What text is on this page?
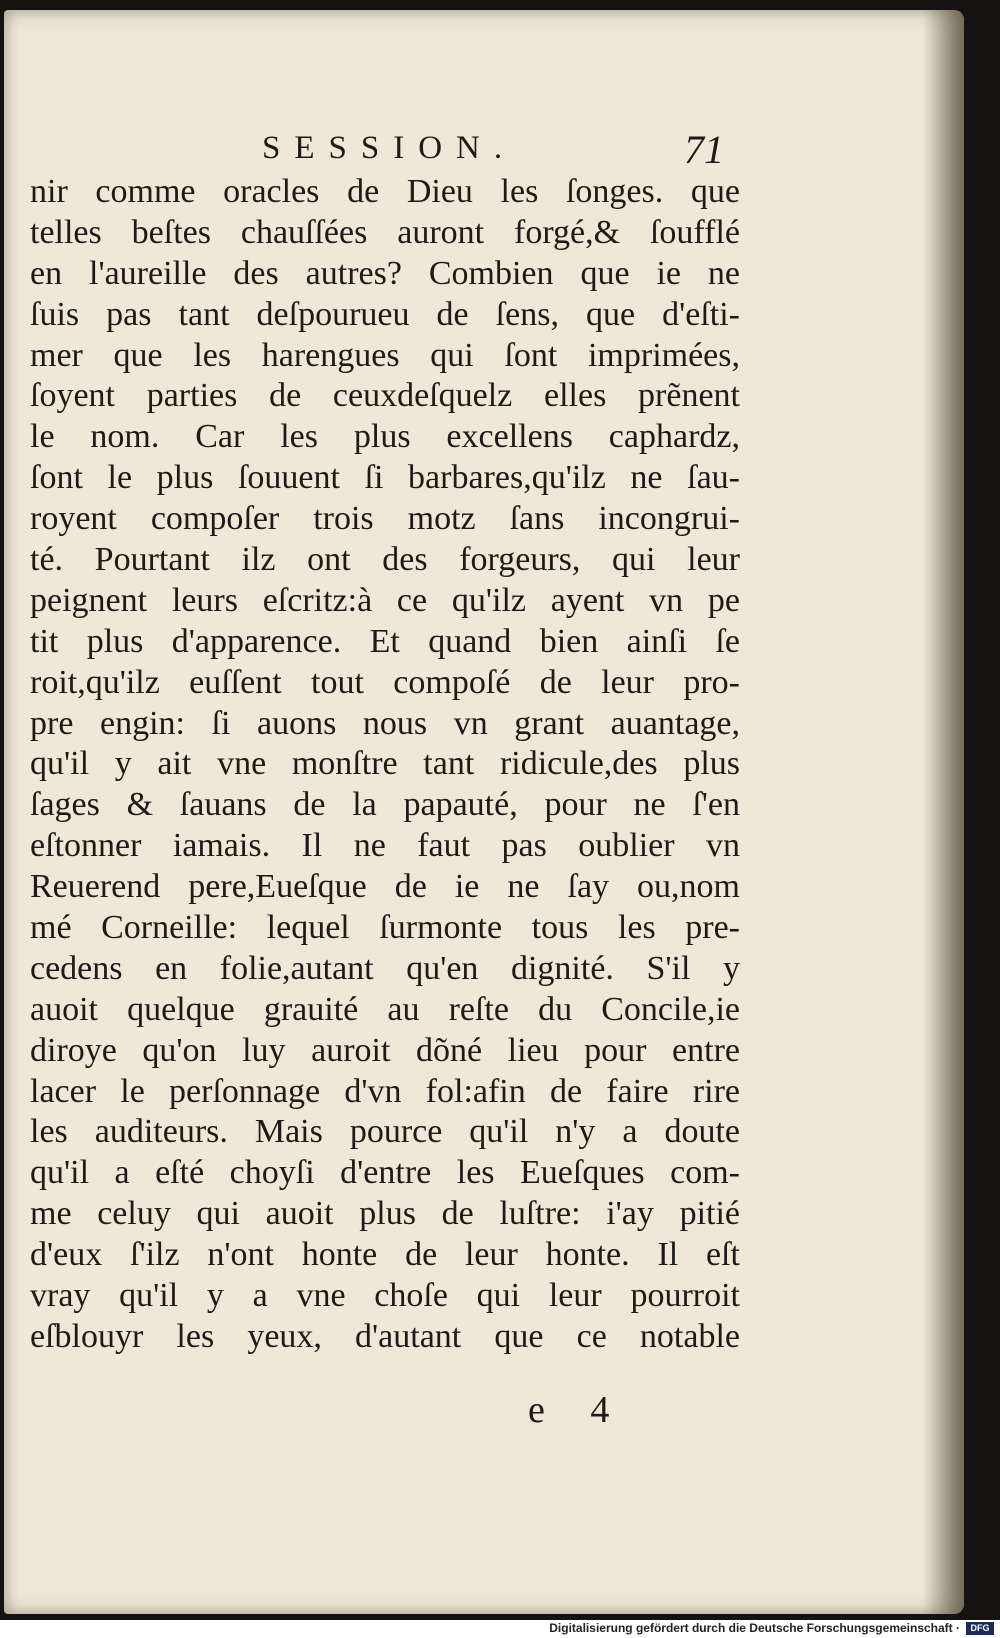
SESSION.	71
nir comme oracles de Dieu les ſonges. que
telles beſtes chauſſées auront forgé,& ſoufflé
en l'aureille des autres? Combien que ie ne
ſuis pas tant deſpourueu de ſens, que d'eſti-
mer que les harengues qui ſont imprimées,
ſoyent parties de ceuxdeſquelz elles prẽnent
le nom. Car les plus excellens caphardz,
ſont le plus ſouuent ſi barbares,qu'ilz ne ſau-
royent compoſer trois motz ſans incongrui-
té. Pourtant ilz ont des forgeurs, qui leur
peignent leurs eſcritz:à ce qu'ilz ayent vn pe
tit plus d'apparence. Et quand bien ainſi ſe
roit,qu'ilz euſſent tout compoſé de leur pro-
pre engin: ſi auons nous vn grant auantage,
qu'il y ait vne monſtre tant ridicule,des plus
ſages & ſauans de la papauté, pour ne ſ'en
eſtonner iamais. Il ne faut pas oublier vn
Reuerend pere,Eueſque de ie ne ſay ou,nom
mé Corneille: lequel ſurmonte tous les pre-
cedens en folie,autant qu'en dignité. S'il y
auoit quelque grauité au reſte du Concile,ie
diroye qu'on luy auroit dõné lieu pour entre
lacer le perſonnage d'vn fol:afin de faire rire
les auditeurs. Mais pource qu'il n'y a doute
qu'il a eſté choyſi d'entre les Eueſques com-
me celuy qui auoit plus de luſtre: i'ay pitié
d'eux ſ'ilz n'ont honte de leur honte. Il eſt
vray qu'il y a vne choſe qui leur pourroit
eſblouyr les yeux, d'autant que ce notable
e 4
Digitalisierung gefördert durch die Deutsche Forschungsgemeinschaft ·	DFG
